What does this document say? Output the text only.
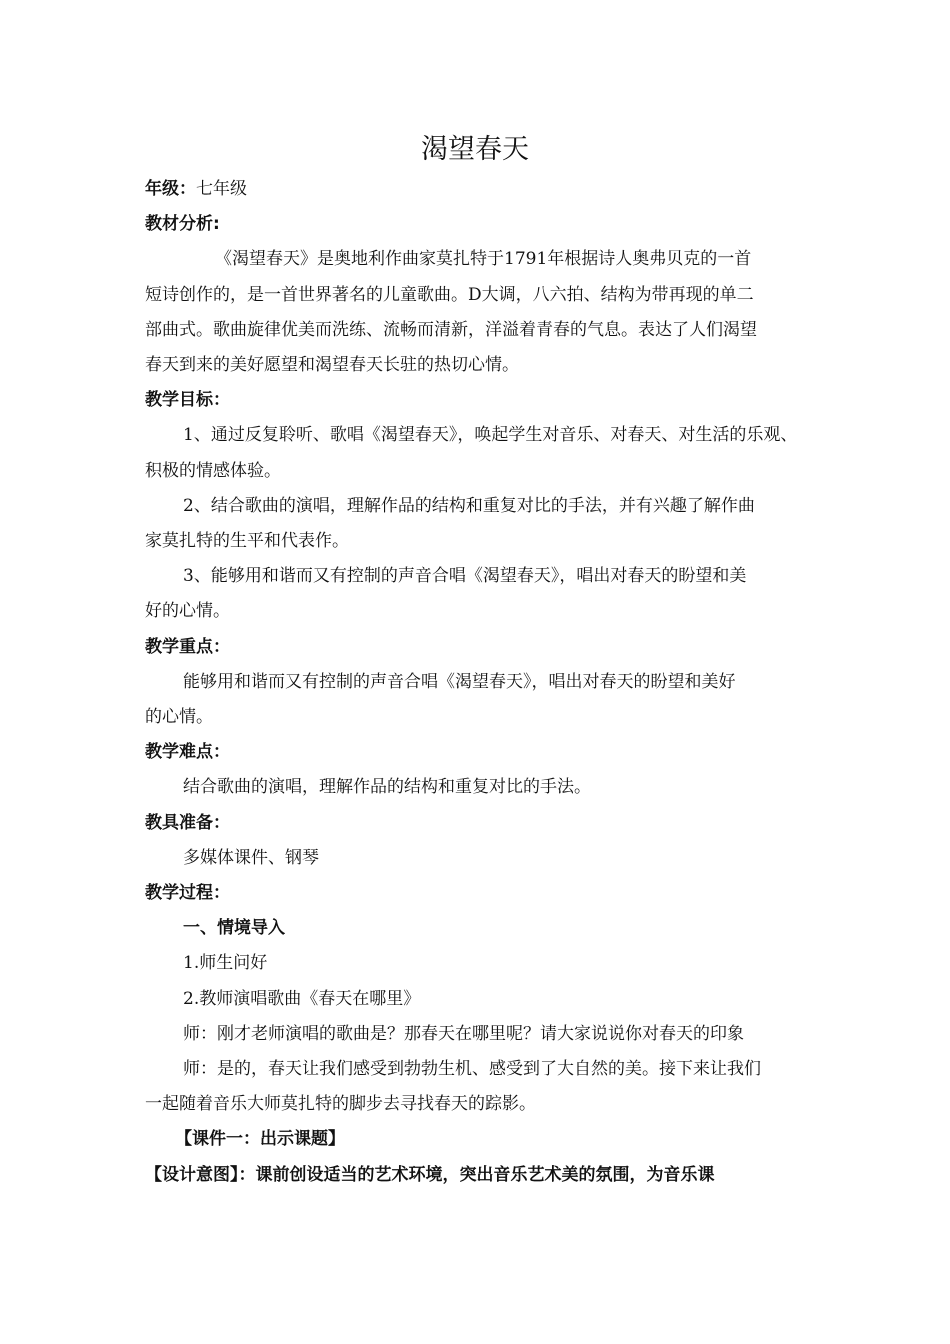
渴望春天
年级：七年级
教材分析:
《渴望春天》是奥地利作曲家莫扎特于1791年根据诗人奥弗贝克的一首
短诗创作的，是一首世界著名的儿童歌曲。D大调，八六拍、结构为带再现的单二
部曲式。歌曲旋律优美而洗练、流畅而清新，洋溢着青春的气息。表达了人们渴望
春天到来的美好愿望和渴望春天长驻的热切心情。
教学目标：
1、通过反复聆听、歌唱《渴望春天》，唤起学生对音乐、对春天、对生活的乐观、
积极的情感体验。
2、结合歌曲的演唱，理解作品的结构和重复对比的手法，并有兴趣了解作曲
家莫扎特的生平和代表作。
3、能够用和谐而又有控制的声音合唱《渴望春天》，唱出对春天的盼望和美
好的心情。
教学重点：
能够用和谐而又有控制的声音合唱《渴望春天》，唱出对春天的盼望和美好
的心情。
教学难点：
结合歌曲的演唱，理解作品的结构和重复对比的手法。
教具准备：
多媒体课件、钢琴
教学过程：
一、情境导入
1.师生问好
2.教师演唱歌曲《春天在哪里》
师：刚才老师演唱的歌曲是？那春天在哪里呢？请大家说说你对春天的印象
师：是的，春天让我们感受到勃勃生机、感受到了大自然的美。接下来让我们
一起随着音乐大师莫扎特的脚步去寻找春天的踪影。
【课件一：出示课题】
【设计意图】：课前创设适当的艺术环境，突出音乐艺术美的氛围，为音乐课
